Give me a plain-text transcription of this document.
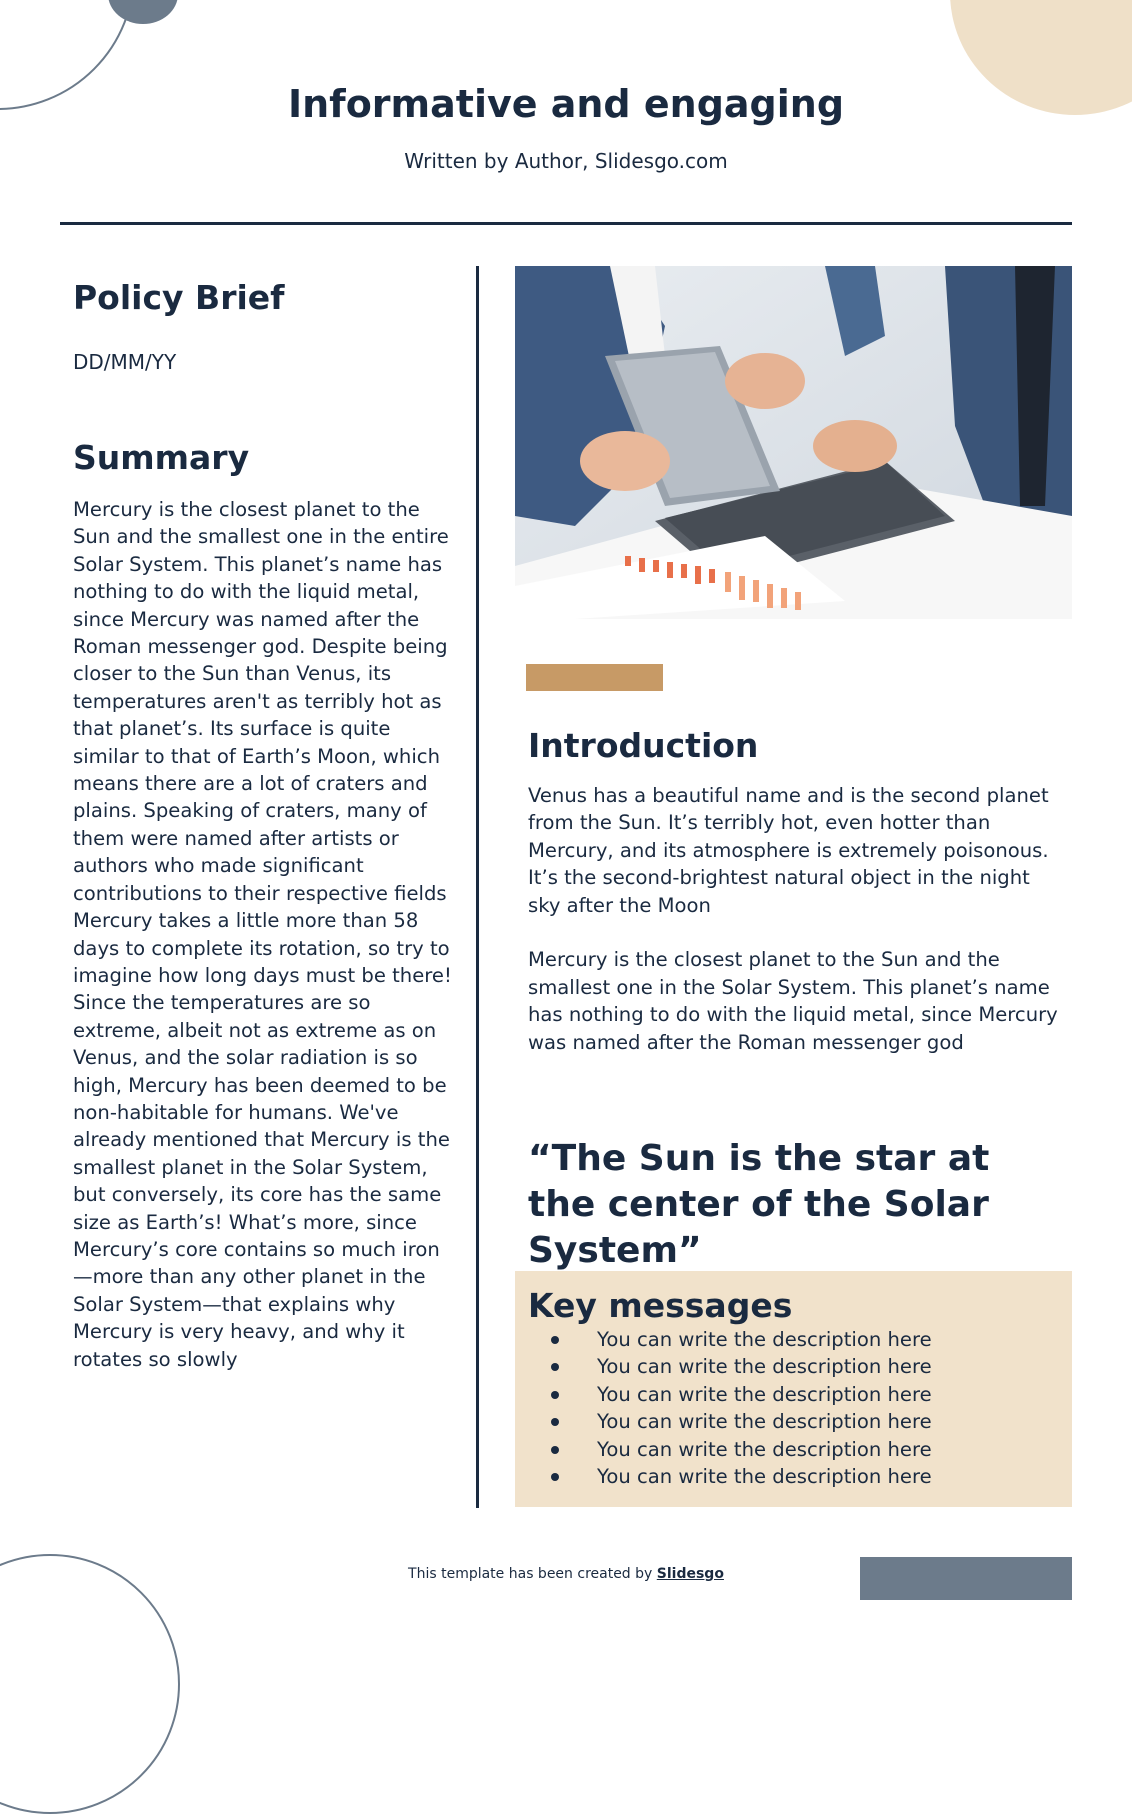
Informative and engaging
Written by Author, Slidesgo.com
Policy Brief
DD/MM/YY
Summary
Mercury is the closest planet to the Sun and the smallest one in the entire Solar System. This planet’s name has nothing to do with the liquid metal, since Mercury was named after the Roman messenger god. Despite being closer to the Sun than Venus, its temperatures aren't as terribly hot as that planet’s. Its surface is quite similar to that of Earth’s Moon, which means there are a lot of craters and plains. Speaking of craters, many of them were named after artists or authors who made significant contributions to their respective fields Mercury takes a little more than 58 days to complete its rotation, so try to imagine how long days must be there! Since the temperatures are so extreme, albeit not as extreme as on Venus, and the solar radiation is so high, Mercury has been deemed to be non-habitable for humans. We've already mentioned that Mercury is the smallest planet in the Solar System, but conversely, its core has the same size as Earth’s! What’s more, since Mercury’s core contains so much iron—more than any other planet in the Solar System—that explains why Mercury is very heavy, and why it rotates so slowly
Introduction

Venus has a beautiful name and is the second planet from the Sun. It’s terribly hot, even hotter than Mercury, and its atmosphere is extremely poisonous. It’s the second-brightest natural object in the night sky after the Moon

Mercury is the closest planet to the Sun and the smallest one in the Solar System. This planet’s name has nothing to do with the liquid metal, since Mercury was named after the Roman messenger god

“The Sun is the star at the center of the Solar System”
Key messages
You can write the description here
You can write the description here
You can write the description here
You can write the description here
You can write the description here
You can write the description here
This template has been created by Slidesgo
